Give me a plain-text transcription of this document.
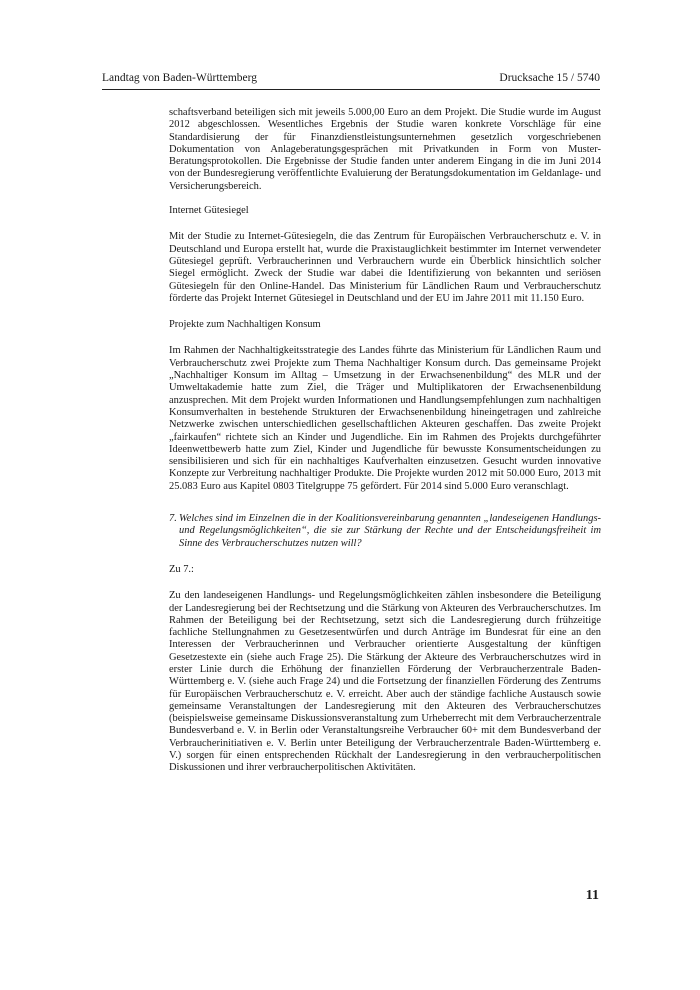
Landtag von Baden-Württemberg	Drucksache 15 / 5740

schaftsverband beteiligen sich mit jeweils 5.000,00 Euro an dem Projekt. Die Studie wurde im August 2012 abgeschlossen. Wesentliches Ergebnis der Studie waren konkrete Vorschläge für eine Standardisierung der für Finanzdienstleistungsunternehmen gesetzlich vorgeschriebenen Dokumentation von Anlageberatungsgesprächen mit Privatkunden in Form von Muster-Beratungsprotokollen. Die Ergebnisse der Studie fanden unter anderem Eingang in die im Juni 2014 von der Bundesregierung veröffentlichte Evaluierung der Beratungsdokumentation im Geldanlage- und Versicherungsbereich.

Internet Gütesiegel

Mit der Studie zu Internet-Gütesiegeln, die das Zentrum für Europäischen Verbraucherschutz e. V. in Deutschland und Europa erstellt hat, wurde die Praxistauglichkeit bestimmter im Internet verwendeter Gütesiegel geprüft. Verbraucherinnen und Verbrauchern wurde ein Überblick hinsichtlich solcher Siegel ermöglicht. Zweck der Studie war dabei die Identifizierung von bekannten und seriösen Gütesiegeln für den Online-Handel. Das Ministerium für Ländlichen Raum und Verbraucherschutz förderte das Projekt Internet Gütesiegel in Deutschland und der EU im Jahre 2011 mit 11.150 Euro.

Projekte zum Nachhaltigen Konsum

Im Rahmen der Nachhaltigkeitsstrategie des Landes führte das Ministerium für Ländlichen Raum und Verbraucherschutz zwei Projekte zum Thema Nachhaltiger Konsum durch. Das gemeinsame Projekt „Nachhaltiger Konsum im Alltag – Umsetzung in der Erwachsenenbildung“ des MLR und der Umweltakademie hatte zum Ziel, die Träger und Multiplikatoren der Erwachsenenbildung anzusprechen. Mit dem Projekt wurden Informationen und Handlungsempfehlungen zum nachhaltigen Konsumverhalten in bestehende Strukturen der Erwachsenenbildung hineingetragen und zahlreiche Netzwerke zwischen unterschiedlichen gesellschaftlichen Akteuren geschaffen. Das zweite Projekt „fairkaufen“ richtete sich an Kinder und Jugendliche. Ein im Rahmen des Projekts durchgeführter Ideenwettbewerb hatte zum Ziel, Kinder und Jugendliche für bewusste Konsumentscheidungen zu sensibilisieren und sich für ein nachhaltiges Kaufverhalten einzusetzen. Gesucht wurden innovative Konzepte zur Verbreitung nachhaltiger Produkte. Die Projekte wurden 2012 mit 50.000 Euro, 2013 mit 25.083 Euro aus Kapitel 0803 Titelgruppe 75 gefördert. Für 2014 sind 5.000 Euro veranschlagt.

7. Welches sind im Einzelnen die in der Koalitionsvereinbarung genannten „landeseigenen Handlungs- und Regelungsmöglichkeiten“, die sie zur Stärkung der Rechte und der Entscheidungsfreiheit im Sinne des Verbraucherschutzes nutzen will?

Zu 7.:

Zu den landeseigenen Handlungs- und Regelungsmöglichkeiten zählen insbesondere die Beteiligung der Landesregierung bei der Rechtsetzung und die Stärkung von Akteuren des Verbraucherschutzes. Im Rahmen der Beteiligung bei der Rechtsetzung, setzt sich die Landesregierung durch frühzeitige fachliche Stellungnahmen zu Gesetzesentwürfen und durch Anträge im Bundesrat für eine an den Interessen der Verbraucherinnen und Verbraucher orientierte Ausgestaltung der künftigen Gesetzestexte ein (siehe auch Frage 25). Die Stärkung der Akteure des Verbraucherschutzes wird in erster Linie durch die Erhöhung der finanziellen Förderung der Verbraucherzentrale Baden-Württemberg e. V. (siehe auch Frage 24) und die Fortsetzung der finanziellen Förderung des Zentrums für Europäischen Verbraucherschutz e. V. erreicht. Aber auch der ständige fachliche Austausch sowie gemeinsame Veranstaltungen der Landesregierung mit den Akteuren des Verbraucherschutzes (beispielsweise gemeinsame Diskussionsveranstaltung zum Urheberrecht mit dem Verbraucherzentrale Bundesverband e. V. in Berlin oder Veranstaltungsreihe Verbraucher 60+ mit dem Bundesverband der Verbraucherinitiativen e. V. Berlin unter Beteiligung der Verbraucherzentrale Baden-Württemberg e. V.) sorgen für einen entsprechenden Rückhalt der Landesregierung in den verbraucherpolitischen Diskussionen und ihrer verbraucherpolitischen Aktivitäten.

11
